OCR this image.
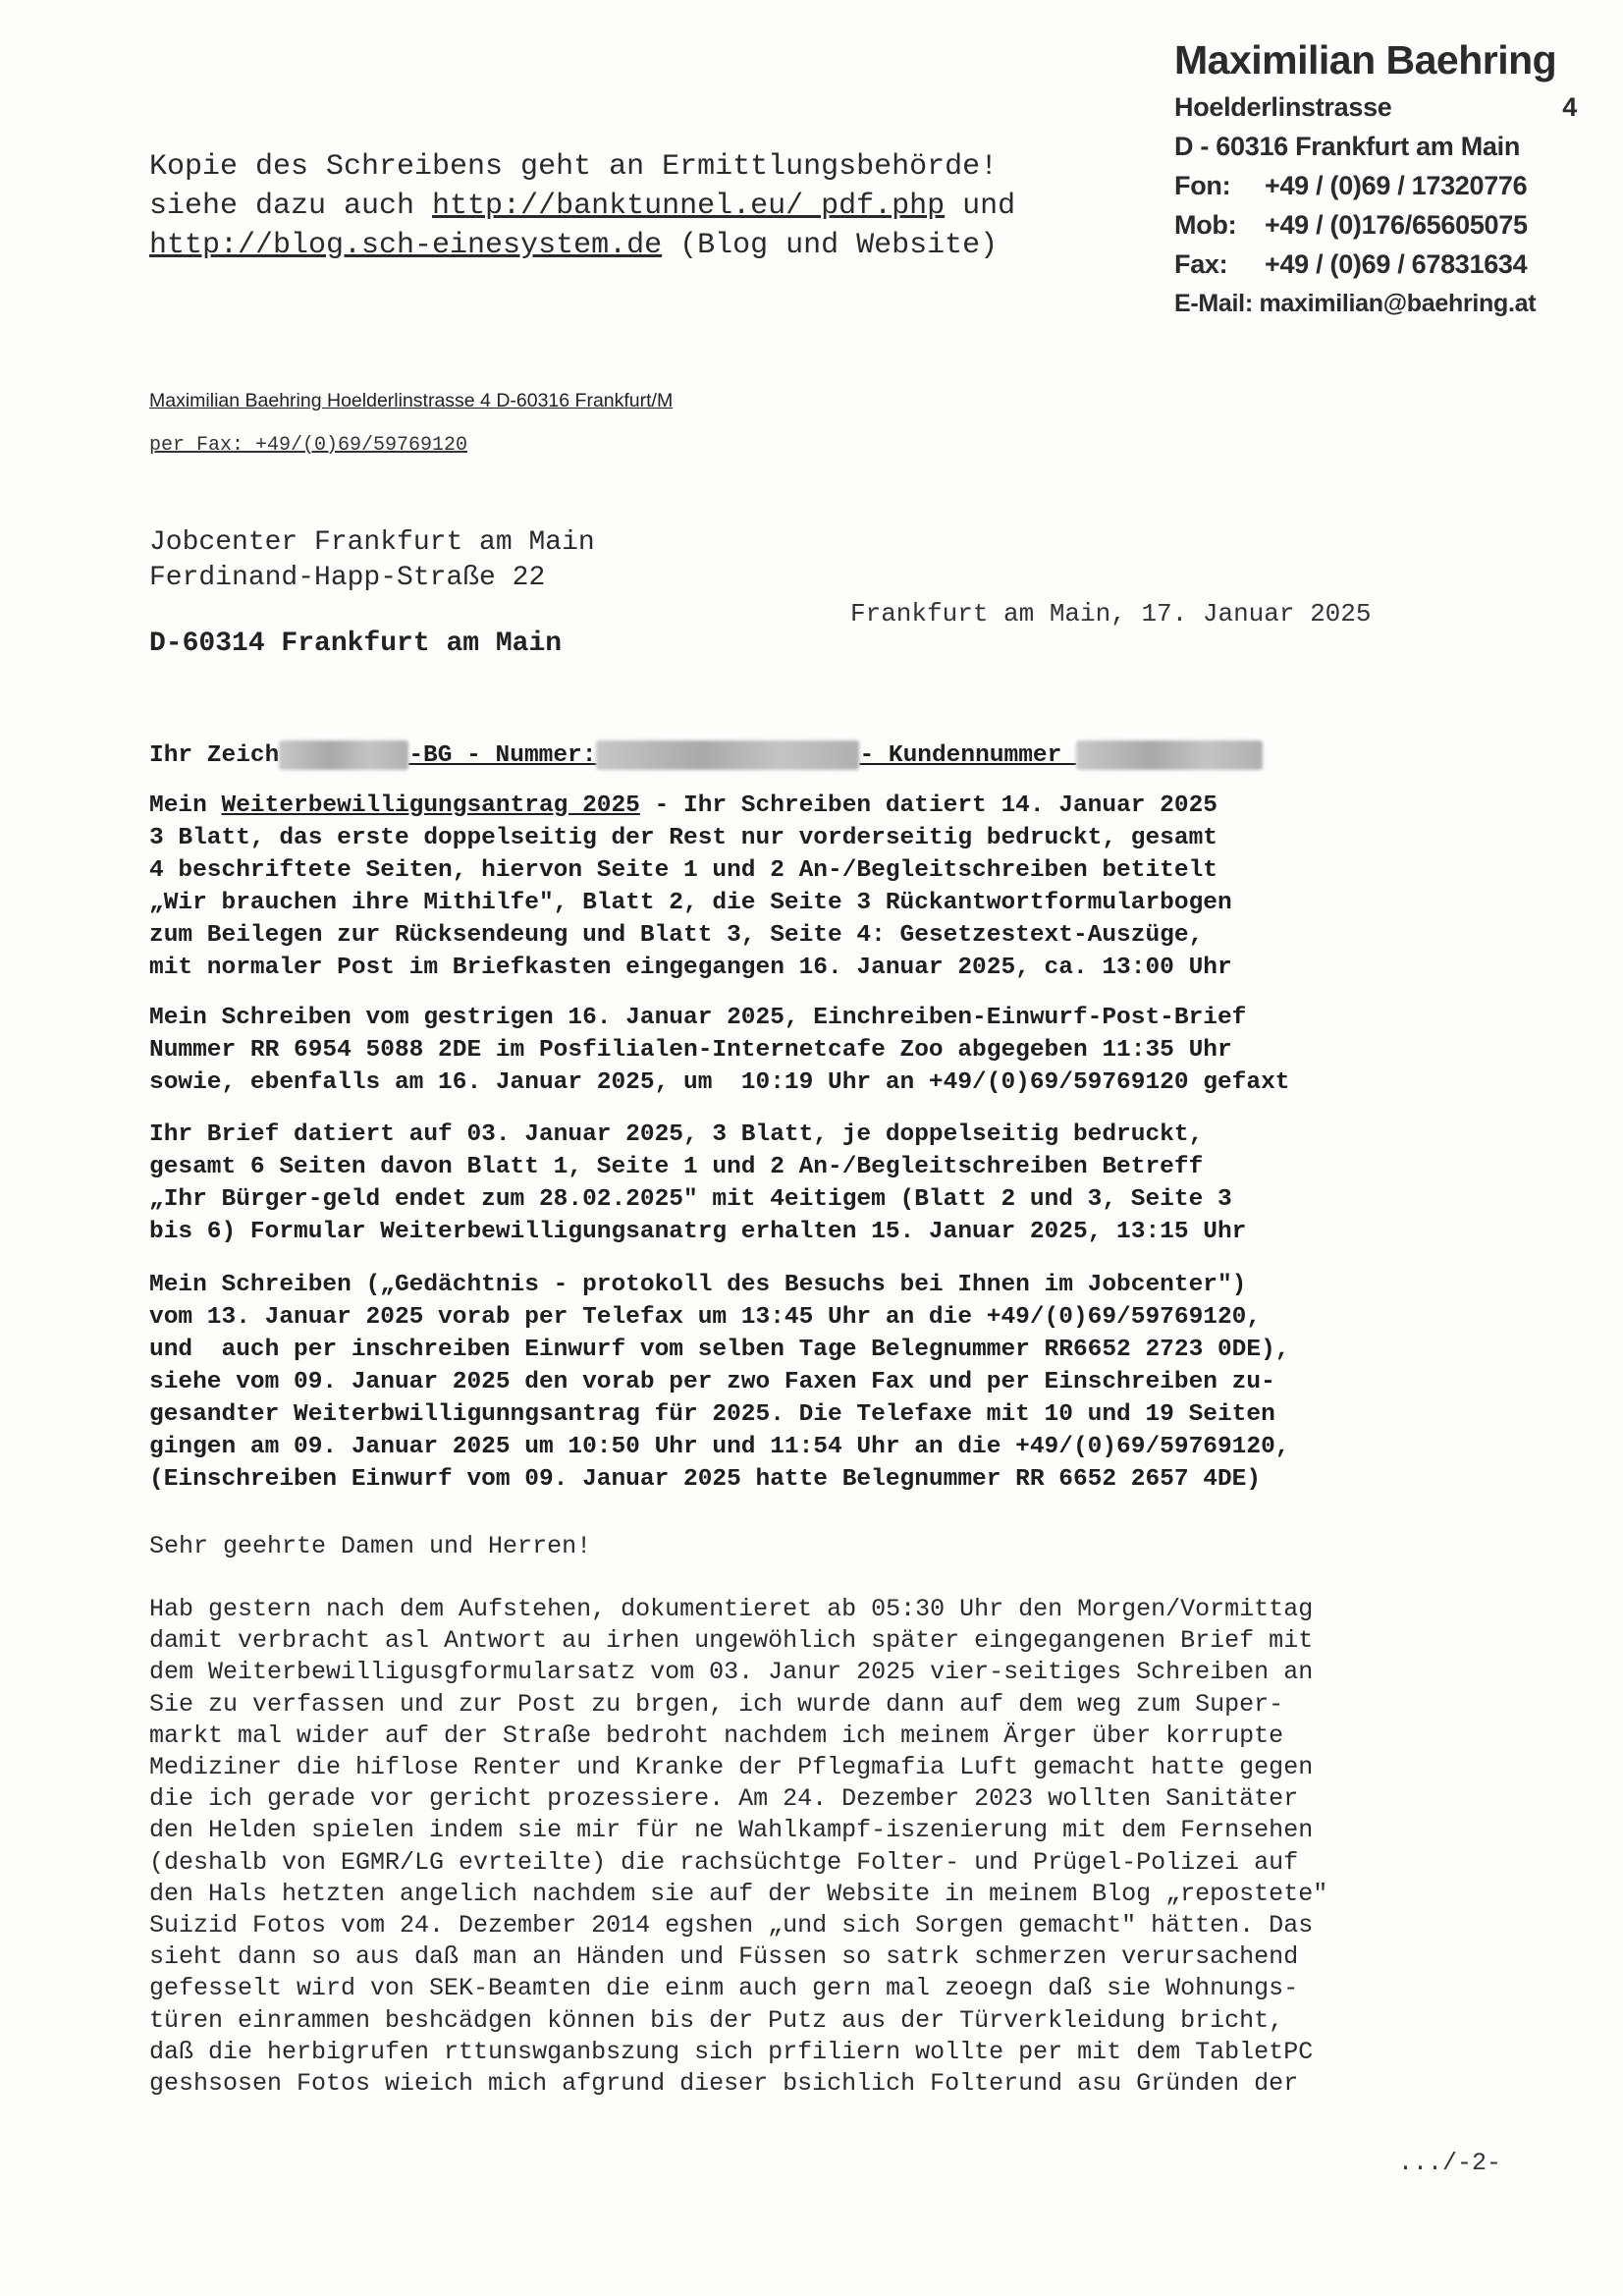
Maximilian Baehring
Hoelderlinstrasse	4
D - 60316 Frankfurt am Main
Fon:	+49 / (0)69 / 17320776
Mob:	+49 / (0)176/65605075
Fax:	+49 / (0)69 / 67831634
E-Mail: maximilian@baehring.at
Kopie des Schreibens geht an Ermittlungsbehörde!
siehe dazu auch http://banktunnel.eu/ pdf.php und
http://blog.sch-einesystem.de (Blog und Website)
Maximilian Baehring Hoelderlinstrasse 4 D-60316 Frankfurt/M
per Fax: +49/(0)69/59769120
Jobcenter Frankfurt am Main
Ferdinand-Happ-Straße 22
D-60314 Frankfurt am Main
Frankfurt am Main, 17. Januar 2025
Ihr Zeich	-BG - Nummer:	- Kundennummer
Mein Weiterbewilligungsantrag 2025 - Ihr Schreiben datiert 14. Januar 2025
3 Blatt, das erste doppelseitig der Rest nur vorderseitig bedruckt, gesamt
4 beschriftete Seiten, hiervon Seite 1 und 2 An-/Begleitschreiben betitelt
„Wir brauchen ihre Mithilfe", Blatt 2, die Seite 3 Rückantwortformularbogen
zum Beilegen zur Rücksendeung und Blatt 3, Seite 4: Gesetzestext-Auszüge,
mit normaler Post im Briefkasten eingegangen 16. Januar 2025, ca. 13:00 Uhr
Mein Schreiben vom gestrigen 16. Januar 2025, Einchreiben-Einwurf-Post-Brief
Nummer RR 6954 5088 2DE im Posfilialen-Internetcafe Zoo abgegeben 11:35 Uhr
sowie, ebenfalls am 16. Januar 2025, um  10:19 Uhr an +49/(0)69/59769120 gefaxt
Ihr Brief datiert auf 03. Januar 2025, 3 Blatt, je doppelseitig bedruckt,
gesamt 6 Seiten davon Blatt 1, Seite 1 und 2 An-/Begleitschreiben Betreff
„Ihr Bürger-geld endet zum 28.02.2025" mit 4eitigem (Blatt 2 und 3, Seite 3
bis 6) Formular Weiterbewilligungsanatrg erhalten 15. Januar 2025, 13:15 Uhr
Mein Schreiben („Gedächtnis - protokoll des Besuchs bei Ihnen im Jobcenter")
vom 13. Januar 2025 vorab per Telefax um 13:45 Uhr an die +49/(0)69/59769120,
und  auch per inschreiben Einwurf vom selben Tage Belegnummer RR6652 2723 0DE),
siehe vom 09. Januar 2025 den vorab per zwo Faxen Fax und per Einschreiben zu-
gesandter Weiterbwilligunngsantrag für 2025. Die Telefaxe mit 10 und 19 Seiten
gingen am 09. Januar 2025 um 10:50 Uhr und 11:54 Uhr an die +49/(0)69/59769120,
(Einschreiben Einwurf vom 09. Januar 2025 hatte Belegnummer RR 6652 2657 4DE)
Sehr geehrte Damen und Herren!
Hab gestern nach dem Aufstehen, dokumentieret ab 05:30 Uhr den Morgen/Vormittag
damit verbracht asl Antwort au irhen ungewöhlich später eingegangenen Brief mit
dem Weiterbewilligusgformularsatz vom 03. Janur 2025 vier-seitiges Schreiben an
Sie zu verfassen und zur Post zu brgen, ich wurde dann auf dem weg zum Super-
markt mal wider auf der Straße bedroht nachdem ich meinem Ärger über korrupte
Mediziner die hiflose Renter und Kranke der Pflegmafia Luft gemacht hatte gegen
die ich gerade vor gericht prozessiere. Am 24. Dezember 2023 wollten Sanitäter
den Helden spielen indem sie mir für ne Wahlkampf-iszenierung mit dem Fernsehen
(deshalb von EGMR/LG evrteilte) die rachsüchtge Folter- und Prügel-Polizei auf
den Hals hetzten angelich nachdem sie auf der Website in meinem Blog „repostete"
Suizid Fotos vom 24. Dezember 2014 egshen „und sich Sorgen gemacht" hätten. Das
sieht dann so aus daß man an Händen und Füssen so satrk schmerzen verursachend
gefesselt wird von SEK-Beamten die einm auch gern mal zeoegn daß sie Wohnungs-
türen einrammen beshcädgen können bis der Putz aus der Türverkleidung bricht,
daß die herbigrufen rttunswganbszung sich prfiliern wollte per mit dem TabletPC
geshsosen Fotos wieich mich afgrund dieser bsichlich Folterund asu Gründen der
.../-2-
